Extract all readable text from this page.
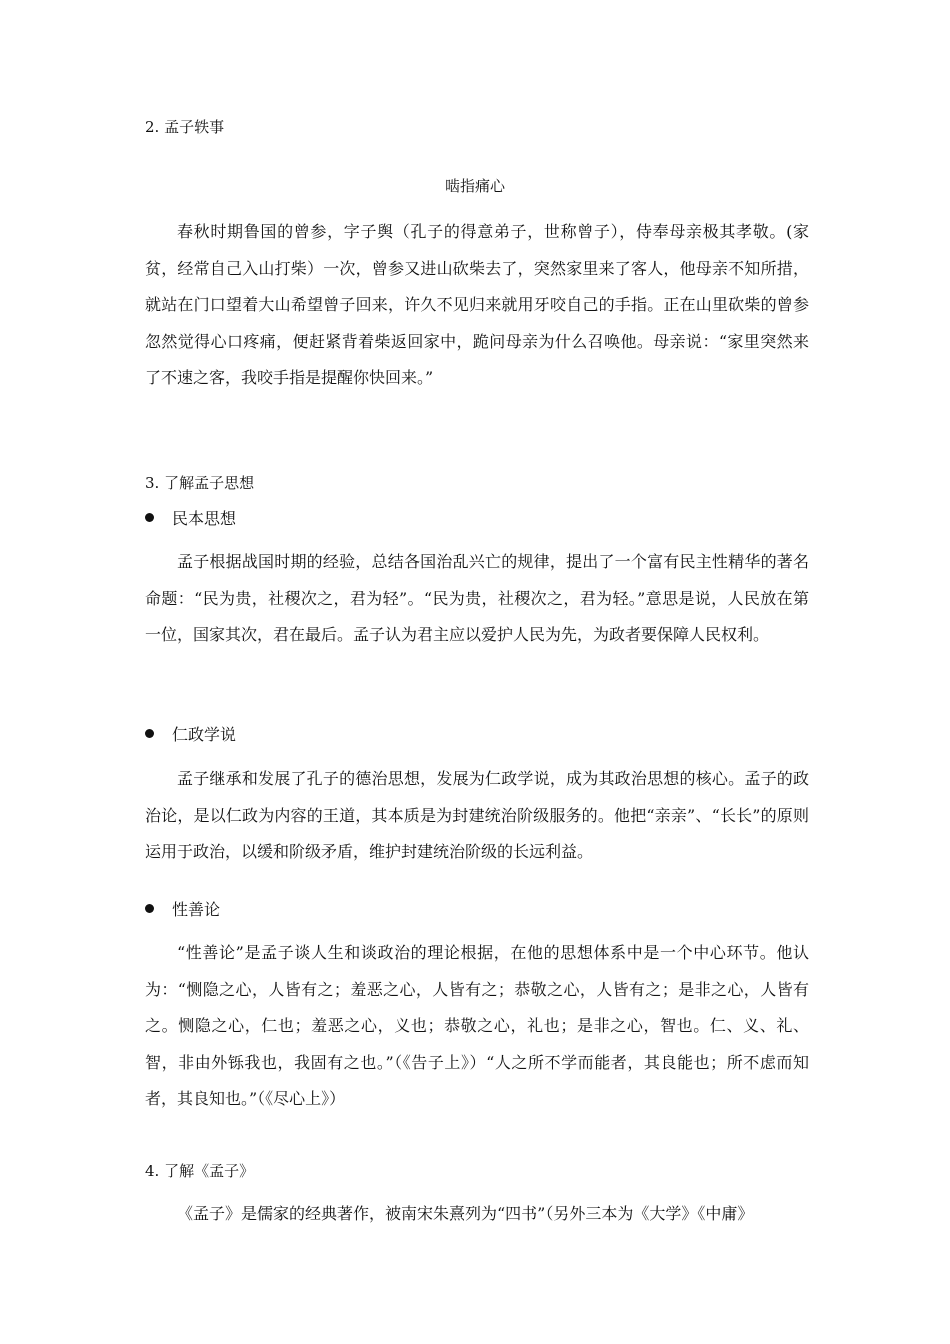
2. 孟子轶事
啮指痛心

春秋时期鲁国的曾参，字子舆（孔子的得意弟子，世称曾子），侍奉母亲极其孝敬。(家贫，经常自己入山打柴）一次，曾参又进山砍柴去了，突然家里来了客人，他母亲不知所措，就站在门口望着大山希望曾子回来，许久不见归来就用牙咬自己的手指。正在山里砍柴的曾参忽然觉得心口疼痛，便赶紧背着柴返回家中，跪问母亲为什么召唤他。母亲说：“家里突然来了不速之客，我咬手指是提醒你快回来。”

3. 了解孟子思想
民本思想

孟子根据战国时期的经验，总结各国治乱兴亡的规律，提出了一个富有民主性精华的著名命题：“民为贵，社稷次之，君为轻”。“民为贵，社稷次之，君为轻。”意思是说，人民放在第一位，国家其次，君在最后。孟子认为君主应以爱护人民为先，为政者要保障人民权利。

仁政学说

孟子继承和发展了孔子的德治思想，发展为仁政学说，成为其政治思想的核心。孟子的政治论，是以仁政为内容的王道，其本质是为封建统治阶级服务的。他把“亲亲”、“长长”的原则运用于政治，以缓和阶级矛盾，维护封建统治阶级的长远利益。

性善论

“性善论”是孟子谈人生和谈政治的理论根据，在他的思想体系中是一个中心环节。他认为：“恻隐之心，人皆有之；羞恶之心，人皆有之；恭敬之心，人皆有之；是非之心，人皆有之。恻隐之心，仁也；羞恶之心，义也；恭敬之心，礼也；是非之心，智也。仁、义、礼、智，非由外铄我也，我固有之也。”（《告子上》）“人之所不学而能者，其良能也；所不虑而知者，其良知也。”（《尽心上》）

4. 了解《孟子》

《孟子》是儒家的经典著作，被南宋朱熹列为“四书”（另外三本为《大学》《中庸》
